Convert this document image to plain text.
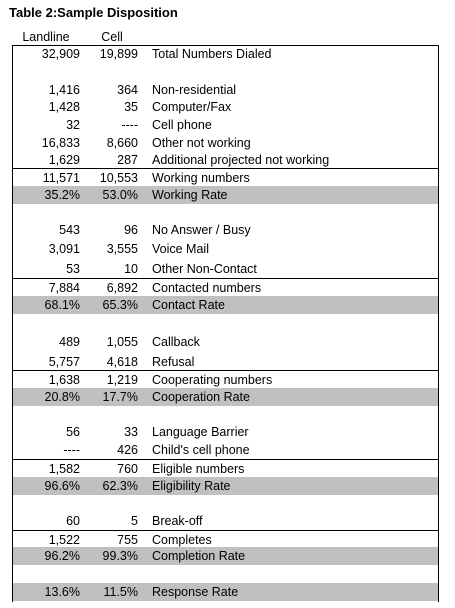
Table 2:Sample Disposition
Landline	Cell
32,909	19,899 Total Numbers Dialed
1,416	364 Non-residential
1,428	35 Computer/Fax
32	---- Cell phone
16,833	8,660 Other not working
1,629	287 Additional projected not working
11,571	10,553 Working numbers
35.2%	53.0% Working Rate
543	96 No Answer / Busy
3,091	3,555 Voice Mail
53	10 Other Non-Contact
7,884	6,892 Contacted numbers
68.1%	65.3% Contact Rate
489	1,055 Callback
5,757	4,618 Refusal
1,638	1,219 Cooperating numbers
20.8%	17.7% Cooperation Rate
56	33 Language Barrier
----	426 Child's cell phone
1,582	760 Eligible numbers
96.6%	62.3% Eligibility Rate
60	5 Break-off
1,522	755 Completes
96.2%	99.3% Completion Rate
13.6%	11.5% Response Rate
